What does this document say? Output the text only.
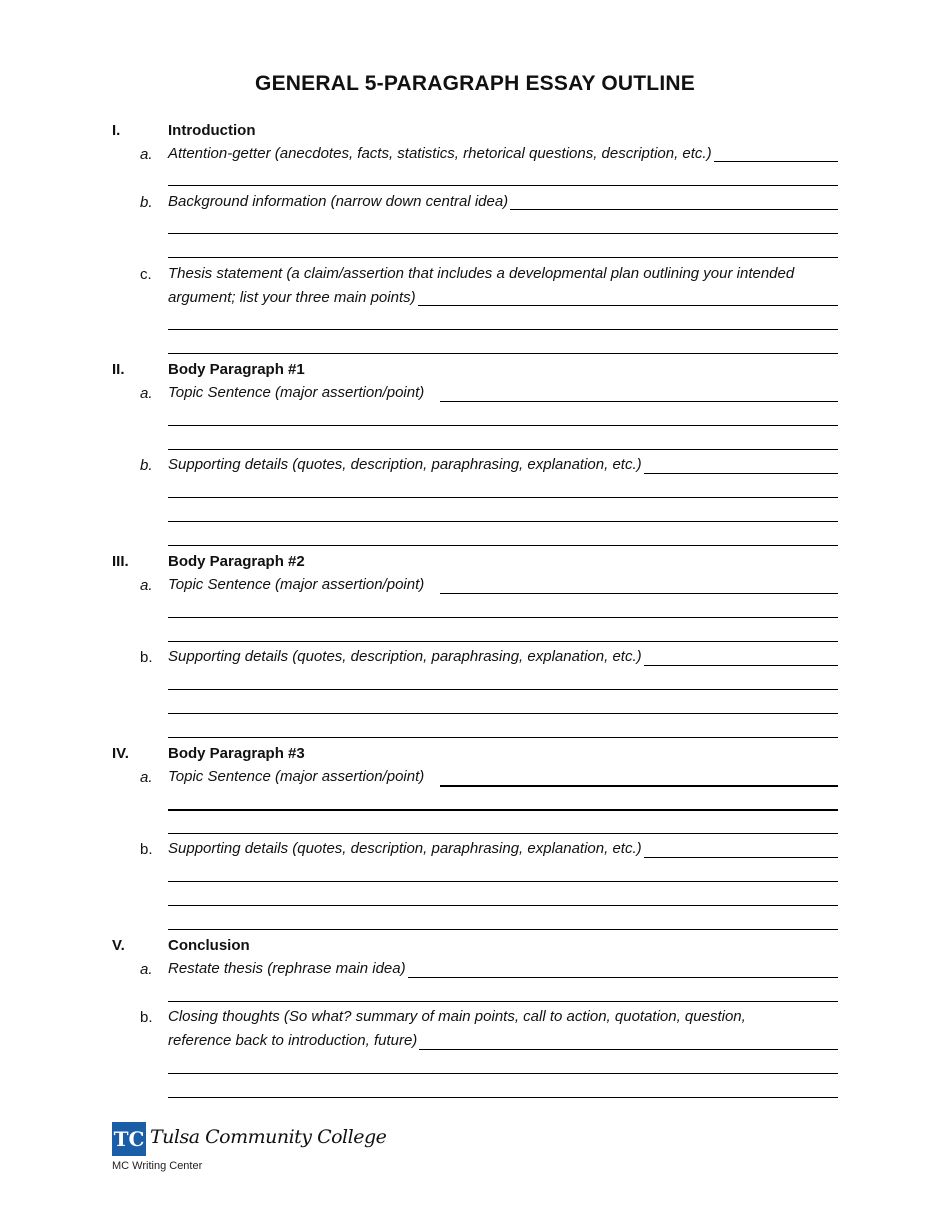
GENERAL 5-PARAGRAPH ESSAY OUTLINE
I.	Introduction
a. Attention-getter (anecdotes, facts, statistics, rhetorical questions, description, etc.)
b. Background information (narrow down central idea)
c. Thesis statement (a claim/assertion that includes a developmental plan outlining your intended
argument; list your three main points)
II.	Body Paragraph #1
a. Topic Sentence (major assertion/point)
b. Supporting details (quotes, description, paraphrasing, explanation, etc.)
III.	Body Paragraph #2
a. Topic Sentence (major assertion/point)
b. Supporting details (quotes, description, paraphrasing, explanation, etc.)
IV.	Body Paragraph #3
a. Topic Sentence (major assertion/point)
b. Supporting details (quotes, description, paraphrasing, explanation, etc.)
V.	Conclusion
a. Restate thesis (rephrase main idea)
b. Closing thoughts (So what? summary of main points, call to action, quotation, question,
reference back to introduction, future)
TC Tulsa Community College
MC Writing Center
